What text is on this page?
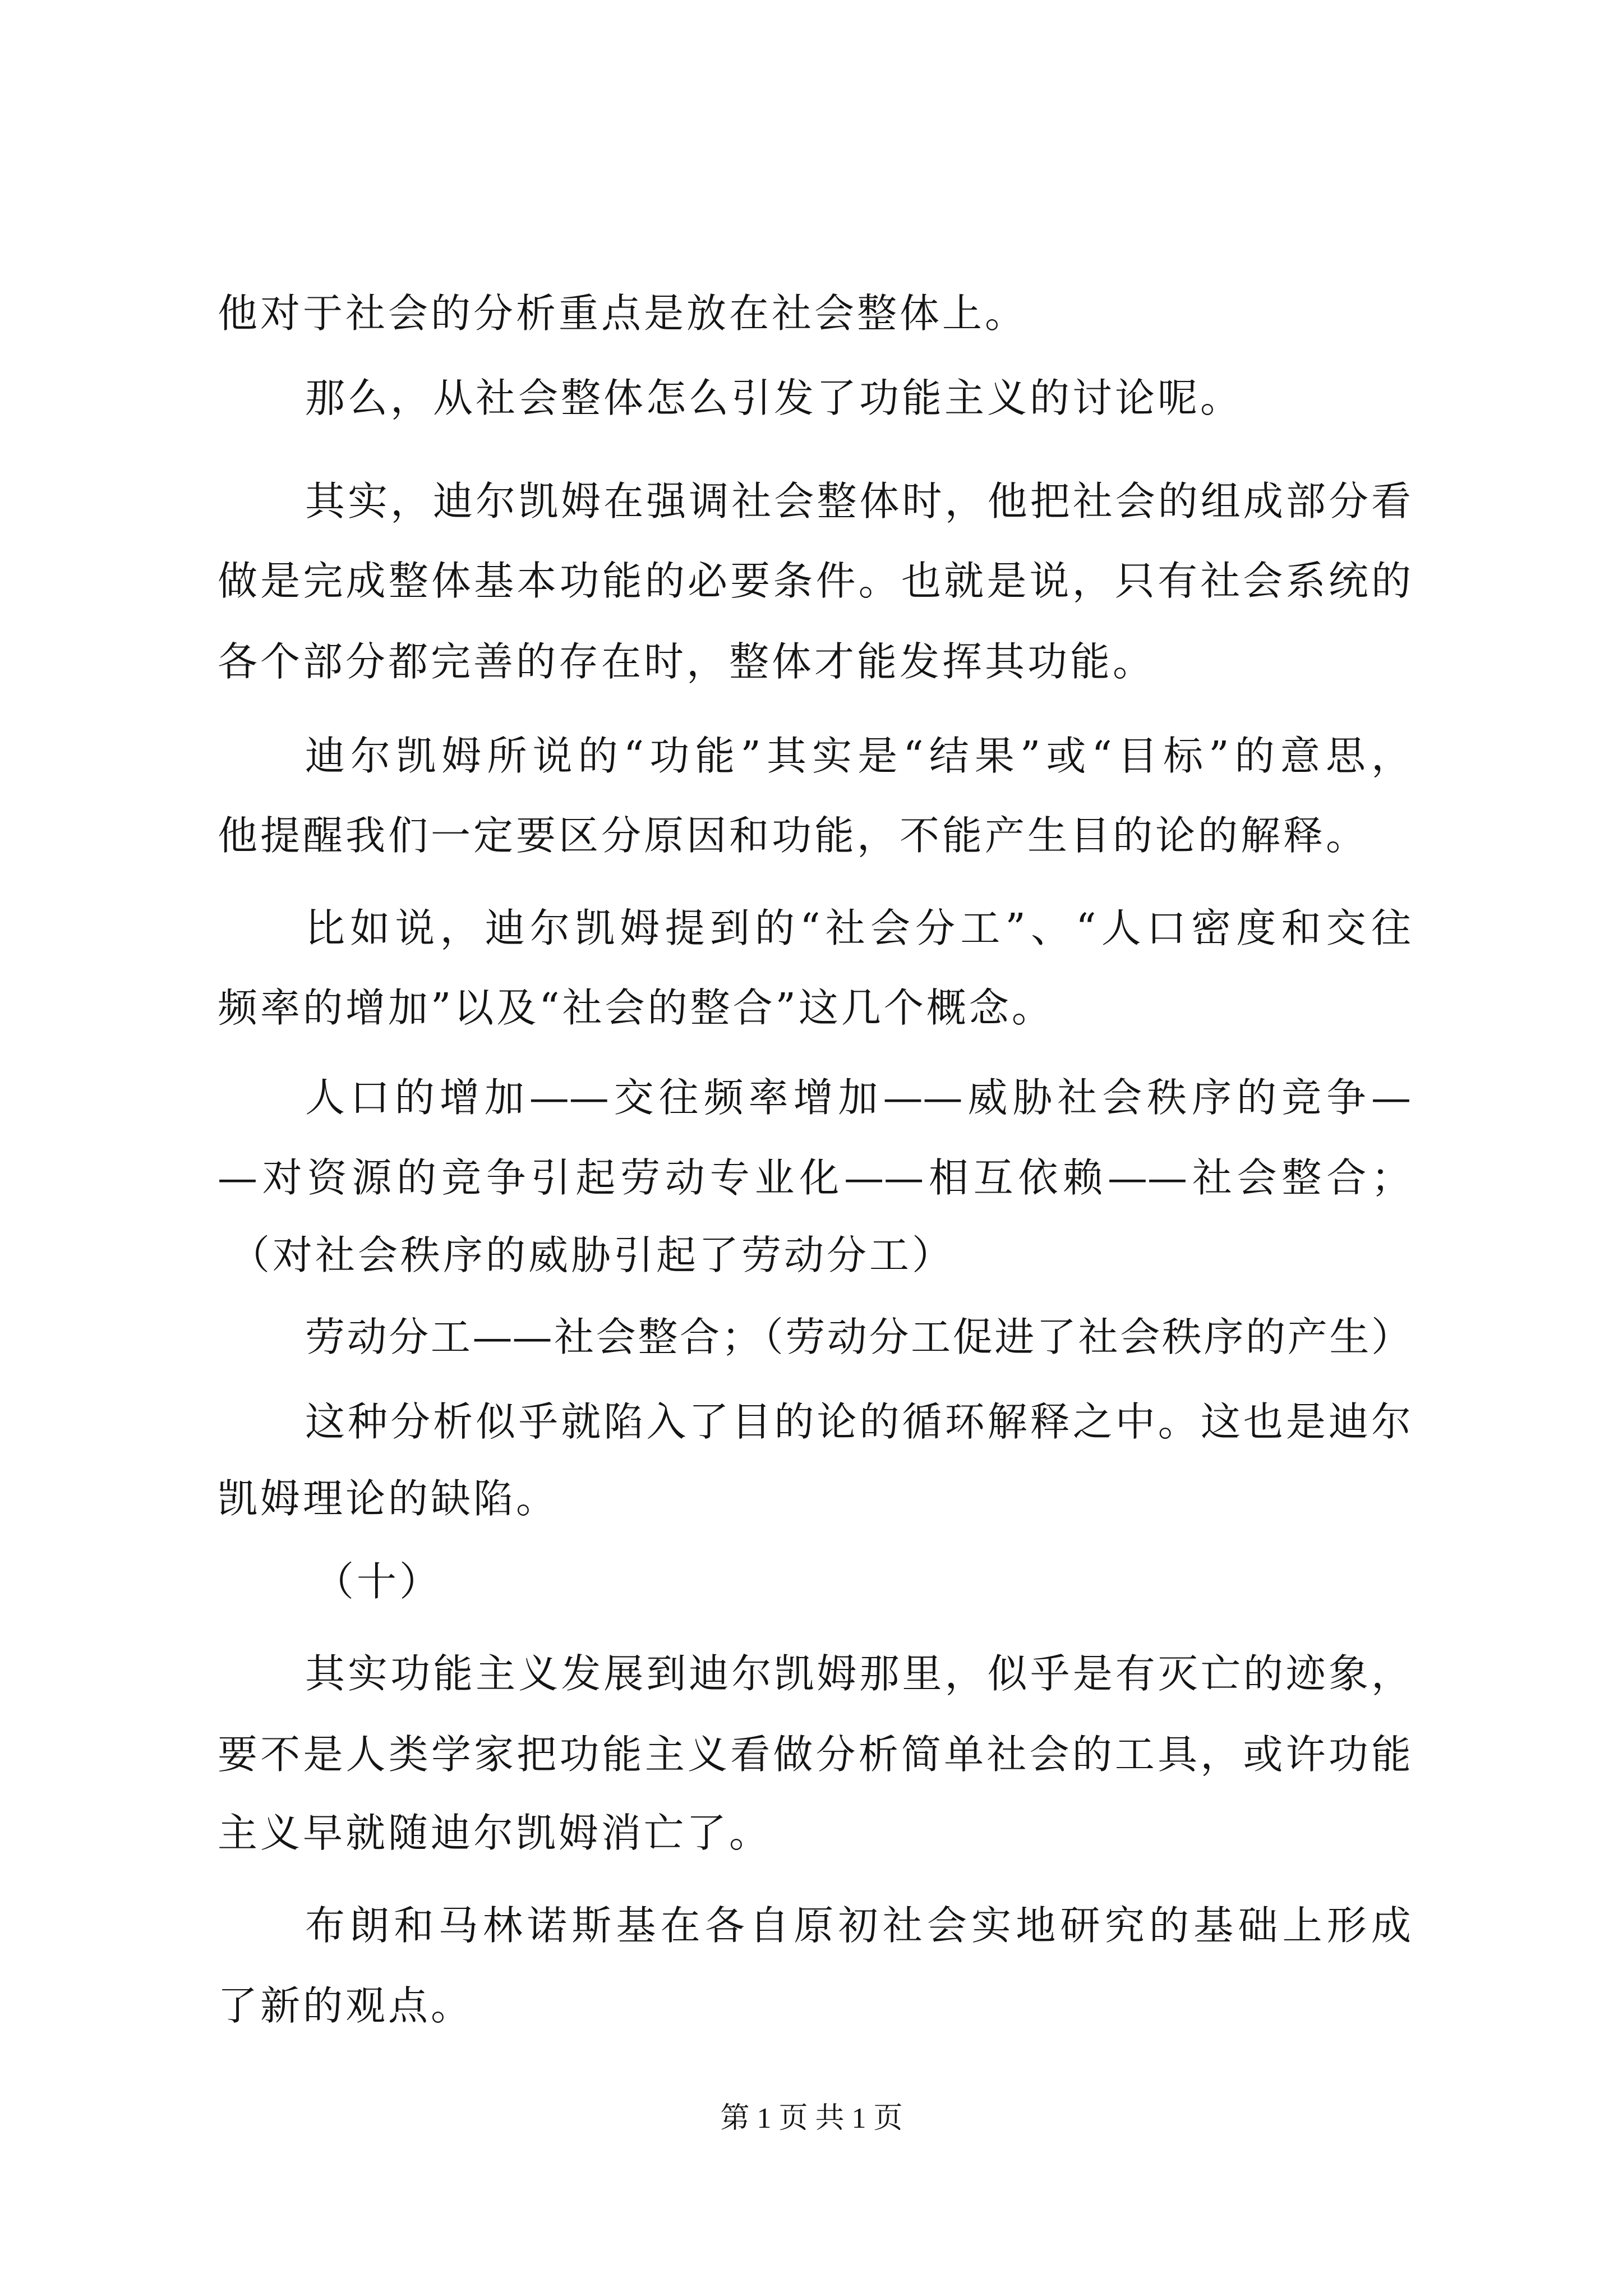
他对于社会的分析重点是放在社会整体上。
那么，从社会整体怎么引发了功能主义的讨论呢。
其实，迪尔凯姆在强调社会整体时，他把社会的组成部分看
做是完成整体基本功能的必要条件。也就是说，只有社会系统的
各个部分都完善的存在时，整体才能发挥其功能。
迪尔凯姆所说的“功能”其实是“结果”或“目标”的意思，
他提醒我们一定要区分原因和功能，不能产生目的论的解释。
比如说，迪尔凯姆提到的“社会分工”、“人口密度和交往
频率的增加”以及“社会的整合”这几个概念。
人口的增加——交往频率增加——威胁社会秩序的竞争—
—对资源的竞争引起劳动专业化——相互依赖——社会整合；
（对社会秩序的威胁引起了劳动分工）
劳动分工——社会整合；（劳动分工促进了社会秩序的产生）
这种分析似乎就陷入了目的论的循环解释之中。这也是迪尔
凯姆理论的缺陷。
（十）
其实功能主义发展到迪尔凯姆那里，似乎是有灭亡的迹象，
要不是人类学家把功能主义看做分析简单社会的工具，或许功能
主义早就随迪尔凯姆消亡了。
布朗和马林诺斯基在各自原初社会实地研究的基础上形成
了新的观点。
第 1 页 共 1 页
